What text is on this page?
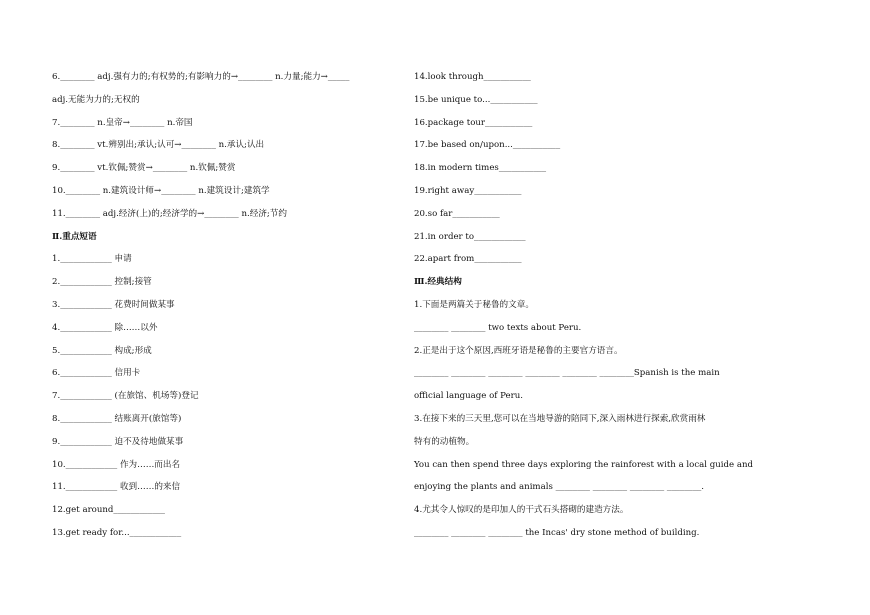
6.________ adj.强有力的;有权势的;有影响力的→________ n.力量;能力→_____
adj.无能为力的;无权的
7.________ n.皇帝→________ n.帝国
8.________ vt.辨别出;承认;认可→________ n.承认;认出
9.________ vt.钦佩;赞赏→________ n.钦佩;赞赏
10.________ n.建筑设计师→________ n.建筑设计;建筑学
11.________ adj.经济(上)的;经济学的→________ n.经济;节约
Ⅱ.重点短语
1.____________ 申请
2.____________ 控制;接管
3.____________ 花费时间做某事
4.____________ 除……以外
5.____________ 构成;形成
6.____________ 信用卡
7.____________ (在旅馆、机场等)登记
8.____________ 结账离开(旅馆等)
9.____________ 迫不及待地做某事
10.____________ 作为……而出名
11.____________ 收到……的来信
12.get around____________
13.get ready for...____________
14.look through___________
15.be unique to...___________
16.package tour___________
17.be based on/upon...___________
18.in modern times___________
19.right away___________
20.so far___________
21.in order to____________
22.apart from___________
Ⅲ.经典结构
1.下面是两篇关于秘鲁的文章。
________ ________ two texts about Peru.
2.正是出于这个原因,西班牙语是秘鲁的主要官方语言。
________ ________ ________ ________ ________ ________Spanish is the main
official language of Peru.
3.在接下来的三天里,您可以在当地导游的陪同下,深入雨林进行探索,欣赏雨林
特有的动植物。
You can then spend three days exploring the rainforest with a local guide and
enjoying the plants and animals ________ ________ ________ ________.
4.尤其令人惊叹的是印加人的干式石头搭砌的建造方法。
________ ________ ________ the Incas' dry stone method of building.
